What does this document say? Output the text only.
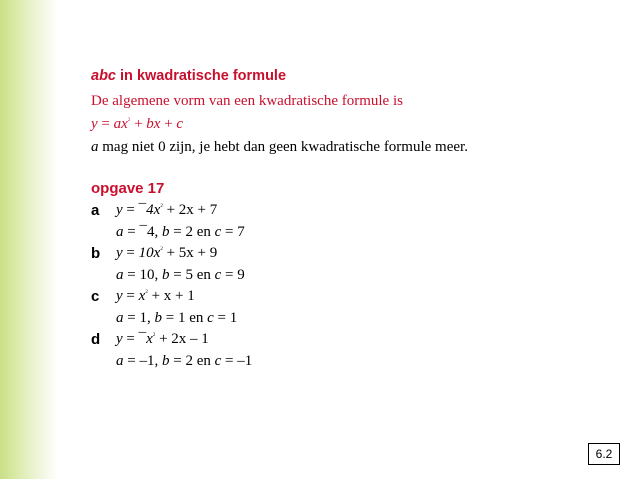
abc in kwadratische formule
De algemene vorm van een kwadratische formule is
$y = ax^2$ + bx + c
a mag niet 0 zijn, je hebt dan geen kwadratische formule meer.
opgave 17
a $y = ¯4x^2 + 2x + 7$
a = ¯4, b = 2 en c = 7
b $y = 10x^2 + 5x + 9$
a = 10, b = 5 en c = 9
c $y = x^2 + x + 1$
a = 1, b = 1 en c = 1
d $y = ¯x^2 + 2x - 1$
a = –1, b = 2 en c = –1
6.2
